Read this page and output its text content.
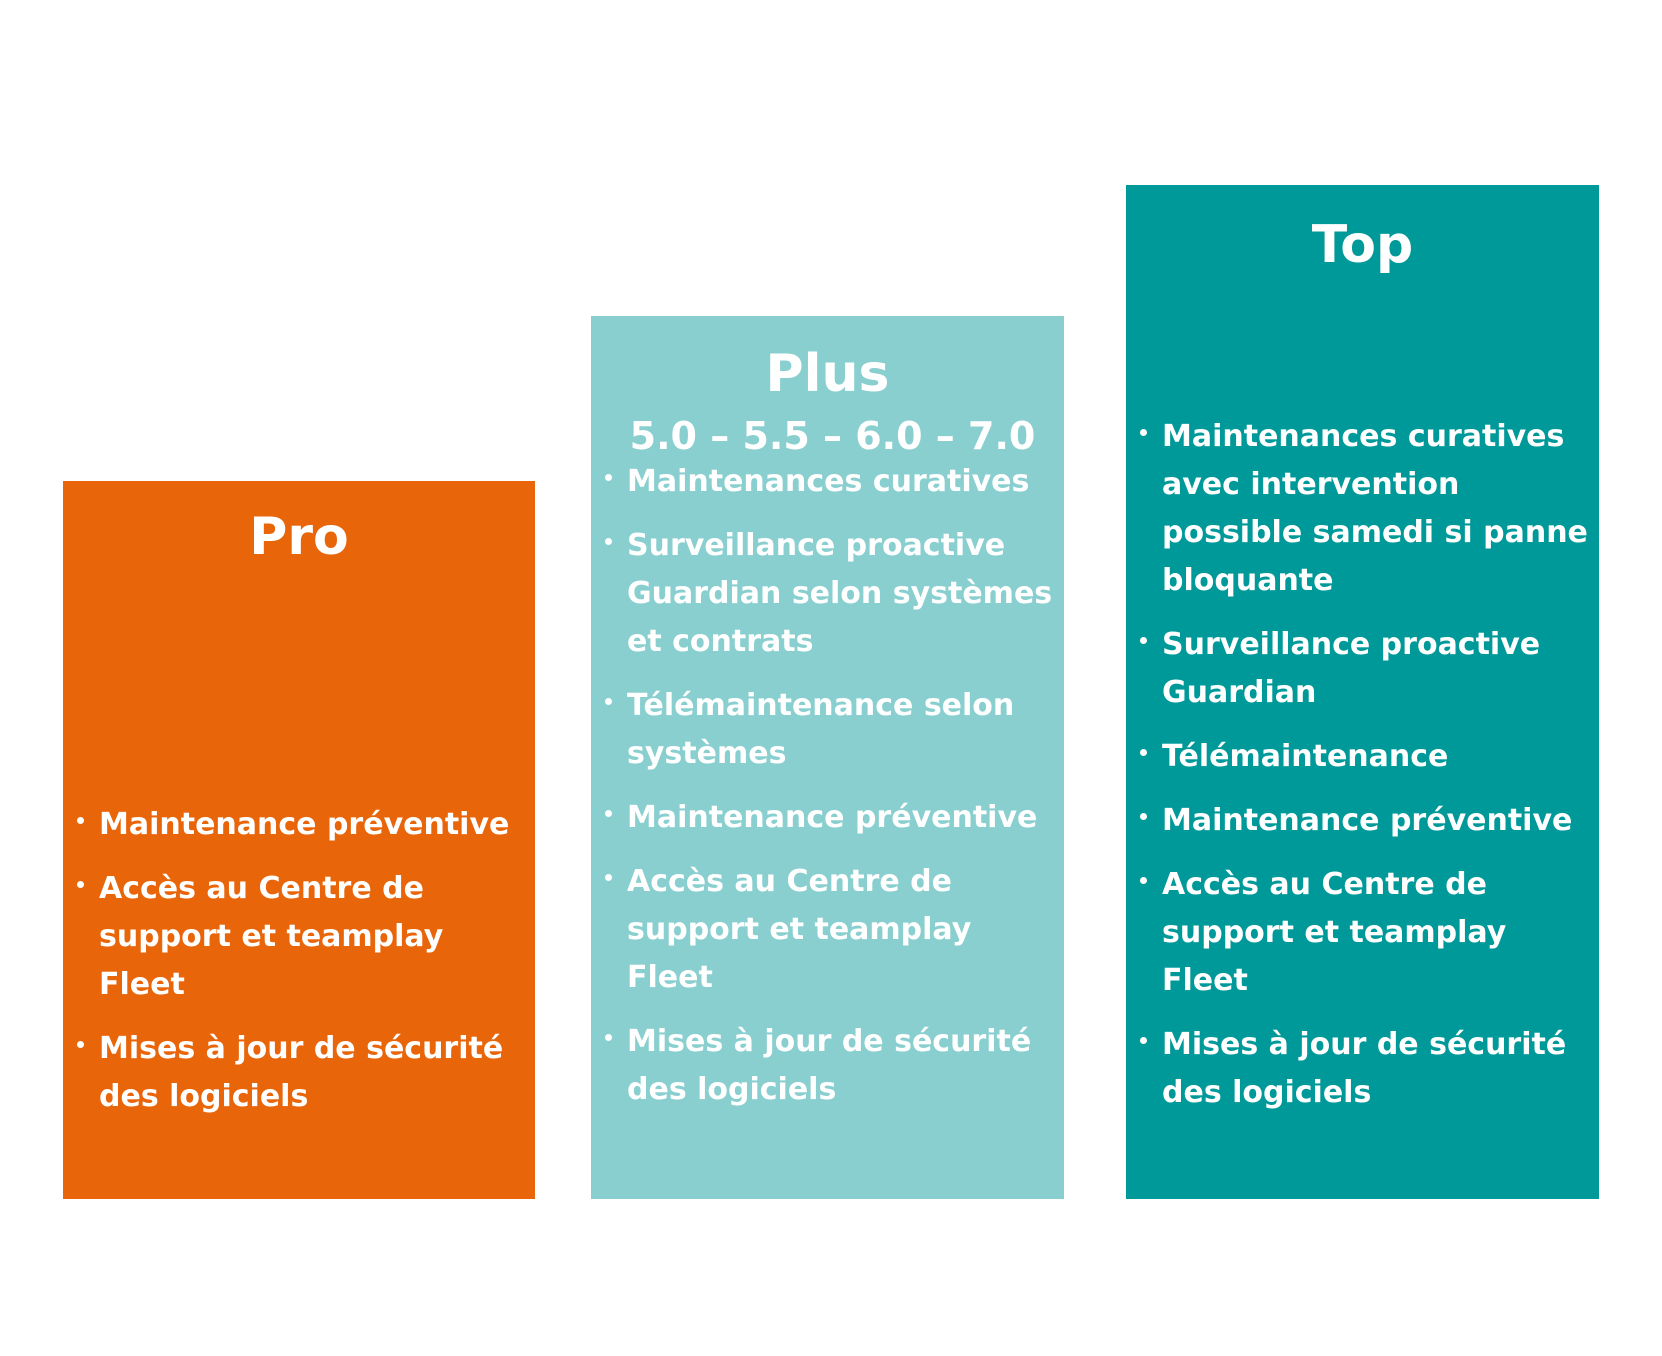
Pro
Maintenance préventive
Accès au Centre de support et teamplay Fleet
Mises à jour de sécurité des logiciels
Plus
5.0 – 5.5 – 6.0 – 7.0
Maintenances curatives
Surveillance proactive Guardian selon systèmes et contrats
Télémaintenance selon systèmes
Maintenance préventive
Accès au Centre de support et teamplay Fleet
Mises à jour de sécurité des logiciels
Top
Maintenances curatives avec intervention possible samedi si panne bloquante
Surveillance proactive Guardian
Télémaintenance
Maintenance préventive
Accès au Centre de support et teamplay Fleet
Mises à jour de sécurité des logiciels
